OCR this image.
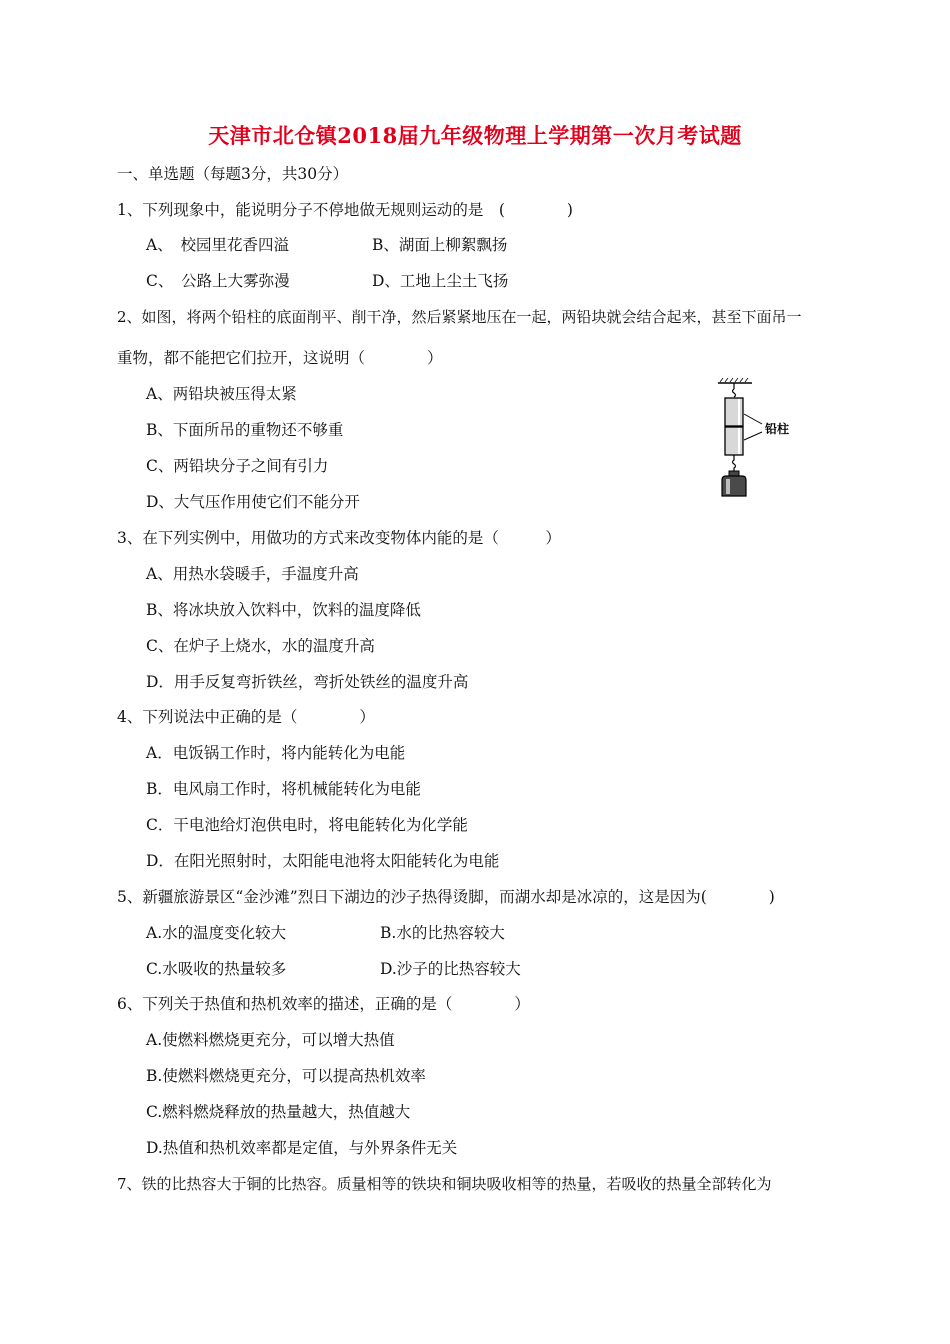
天津市北仓镇2018届九年级物理上学期第一次月考试题
一、单选题（每题3分，共30分）
1、下列现象中，能说明分子不停地做无规则运动的是　(　　　　)
A、　校园里花香四溢	B、湖面上柳絮飘扬
C、　公路上大雾弥漫	D、工地上尘土飞扬
2、如图，将两个铅柱的底面削平、削干净，然后紧紧地压在一起，两铅块就会结合起来，甚至下面吊一
重物，都不能把它们拉开，这说明（　　　　）
A、两铅块被压得太紧
B、下面所吊的重物还不够重
C、两铅块分子之间有引力
D、大气压作用使它们不能分开
铅柱
3、在下列实例中，用做功的方式来改变物体内能的是（　　　）
A、用热水袋暖手，手温度升高
B、将冰块放入饮料中，饮料的温度降低
C、在炉子上烧水，水的温度升高
D．用手反复弯折铁丝，弯折处铁丝的温度升高
4、下列说法中正确的是（　　　　）
A．电饭锅工作时，将内能转化为电能
B．电风扇工作时，将机械能转化为电能
C．干电池给灯泡供电时，将电能转化为化学能
D．在阳光照射时，太阳能电池将太阳能转化为电能
5、新疆旅游景区“金沙滩”烈日下湖边的沙子热得烫脚，而湖水却是冰凉的，这是因为(　　　　)
A.水的温度变化较大	B.水的比热容较大
C.水吸收的热量较多	D.沙子的比热容较大
6、下列关于热值和热机效率的描述，正确的是（　　　　）
A.使燃料燃烧更充分，可以增大热值
B.使燃料燃烧更充分，可以提高热机效率
C.燃料燃烧释放的热量越大，热值越大
D.热值和热机效率都是定值，与外界条件无关
7、铁的比热容大于铜的比热容。质量相等的铁块和铜块吸收相等的热量，若吸收的热量全部转化为
